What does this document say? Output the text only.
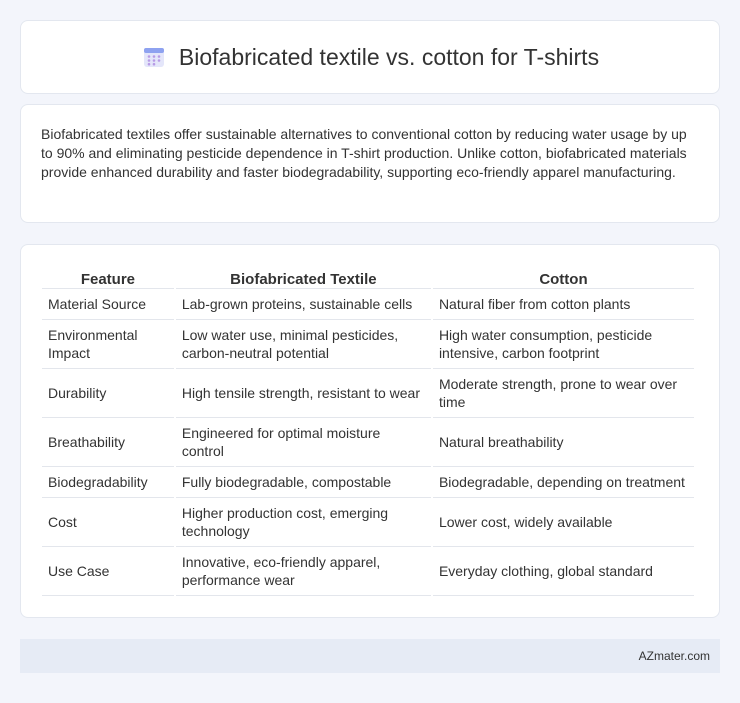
Biofabricated textile vs. cotton for T-shirts

Biofabricated textiles offer sustainable alternatives to conventional cotton by reducing water usage by up to 90% and eliminating pesticide dependence in T-shirt production. Unlike cotton, biofabricated materials provide enhanced durability and faster biodegradability, supporting eco-friendly apparel manufacturing.

Feature	Biofabricated Textile	Cotton
Material Source	Lab-grown proteins, sustainable cells	Natural fiber from cotton plants
Environmental Impact	Low water use, minimal pesticides, carbon-neutral potential	High water consumption, pesticide intensive, carbon footprint
Durability	High tensile strength, resistant to wear	Moderate strength, prone to wear over time
Breathability	Engineered for optimal moisture control	Natural breathability
Biodegradability	Fully biodegradable, compostable	Biodegradable, depending on treatment
Cost	Higher production cost, emerging technology	Lower cost, widely available
Use Case	Innovative, eco-friendly apparel, performance wear	Everyday clothing, global standard
AZmater.com
